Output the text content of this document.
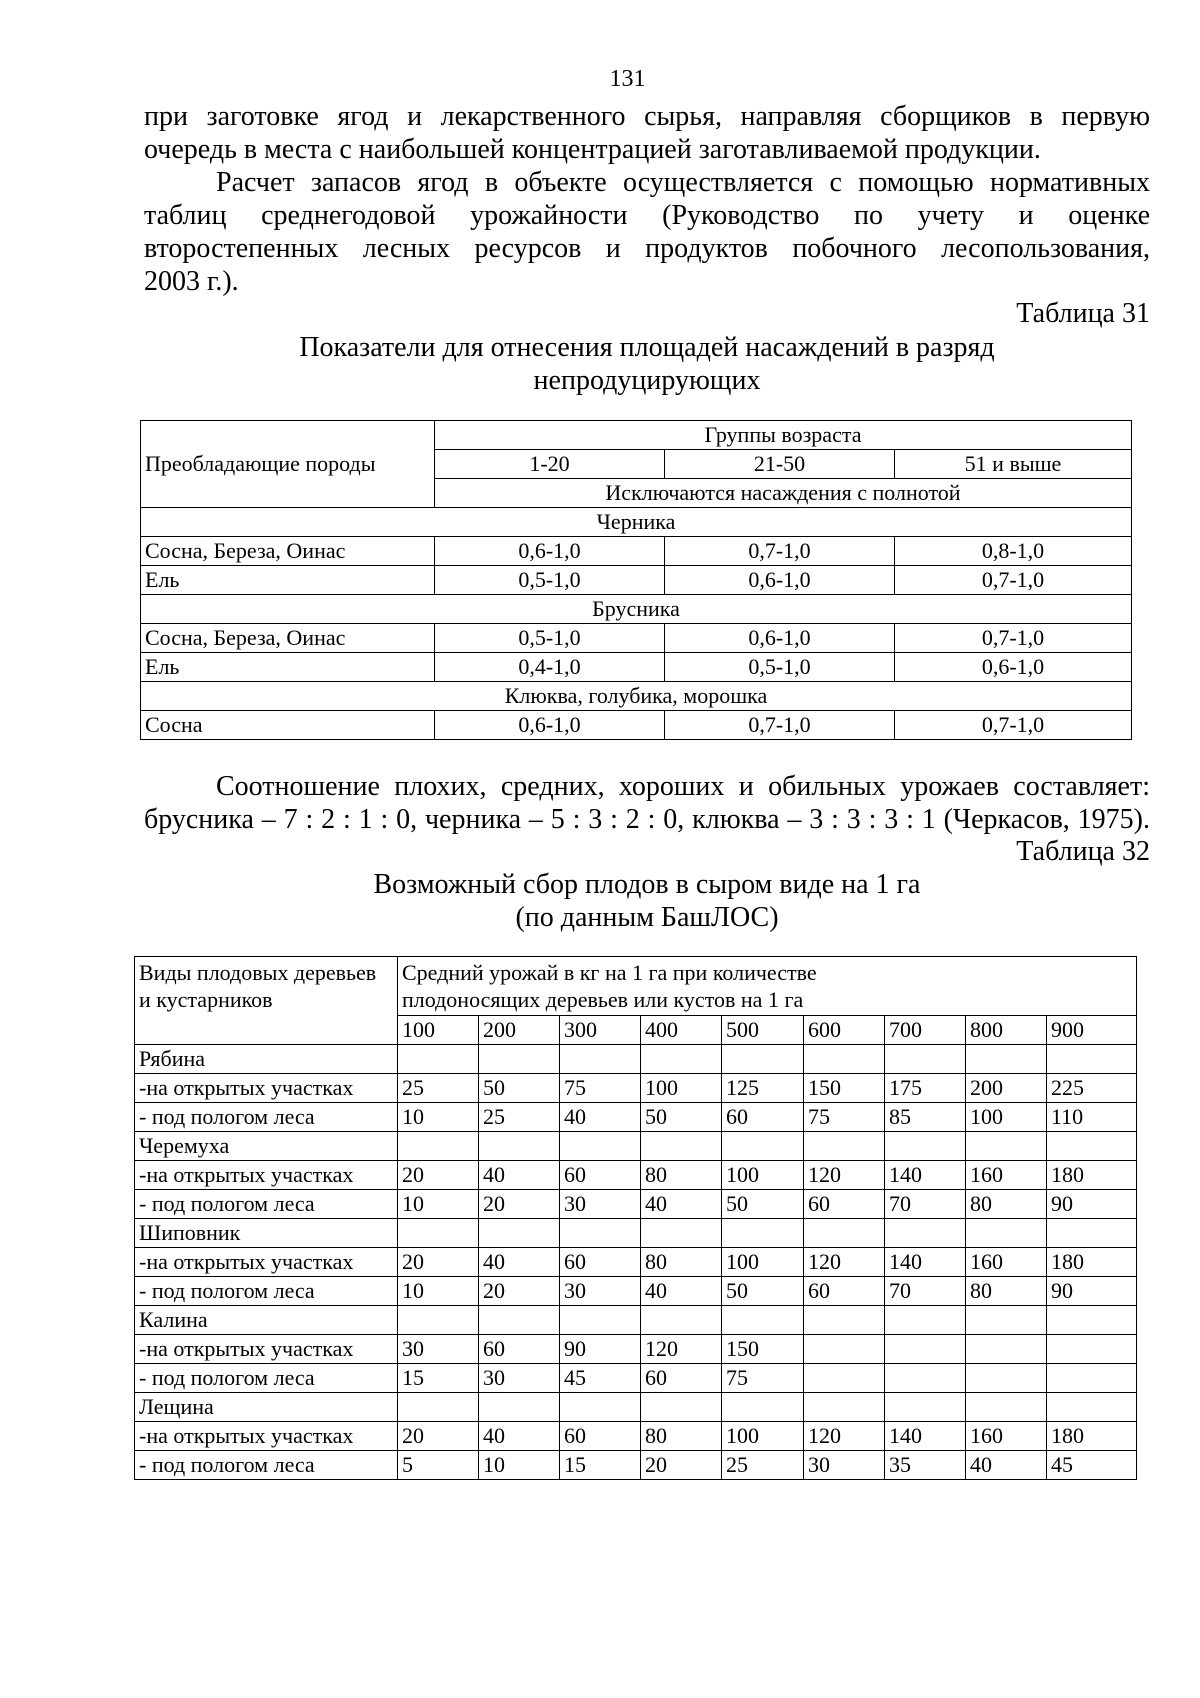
131
при заготовке ягод и лекарственного сырья, направляя сборщиков в первую
очередь в места с наибольшей концентрацией заготавливаемой продукции.
Расчет запасов ягод в объекте осуществляется с помощью нормативных
таблиц среднегодовой урожайности (Руководство по учету и оценке
второстепенных лесных ресурсов и продуктов побочного лесопользования,
2003 г.).
Таблица 31
Показатели для отнесения площадей насаждений в разряд
непродуцирующих
Преобладающие породы	Группы возраста		
	1-20	21-50	51 и выше
	Исключаются насаждения с полнотой		
Черника			
Сосна, Береза, Оинас	0,6-1,0	0,7-1,0	0,8-1,0
Ель	0,5-1,0	0,6-1,0	0,7-1,0
Брусника			
Сосна, Береза, Оинас	0,5-1,0	0,6-1,0	0,7-1,0
Ель	0,4-1,0	0,5-1,0	0,6-1,0
Клюква, голубика, морошка			
Сосна	0,6-1,0	0,7-1,0	0,7-1,0
Соотношение плохих, средних, хороших и обильных урожаев составляет:
брусника – 7 : 2 : 1 : 0, черника – 5 : 3 : 2 : 0, клюква – 3 : 3 : 3 : 1 (Черкасов, 1975).
Таблица 32
Возможный сбор плодов в сыром виде на 1 га
(по данным БашЛОС)
Виды плодовых деревьев и кустарников	Средний урожай в кг на 1 га при количестве плодоносящих деревьев или кустов на 1 га								
	100	200	300	400	500	600	700	800	900
Рябина									
-на открытых участках	25	50	75	100	125	150	175	200	225
- под пологом леса	10	25	40	50	60	75	85	100	110
Черемуха									
-на открытых участках	20	40	60	80	100	120	140	160	180
- под пологом леса	10	20	30	40	50	60	70	80	90
Шиповник									
-на открытых участках	20	40	60	80	100	120	140	160	180
- под пологом леса	10	20	30	40	50	60	70	80	90
Калина									
-на открытых участках	30	60	90	120	150				
- под пологом леса	15	30	45	60	75				
Лещина									
-на открытых участках	20	40	60	80	100	120	140	160	180
- под пологом леса	5	10	15	20	25	30	35	40	45
